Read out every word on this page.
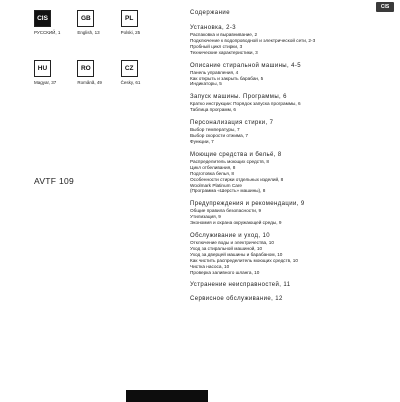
CIS
CIS
РУССКИЙ, 1
GB
English, 13
PL
Polski, 25
HU
Magyar, 37
RO
Română, 49
CZ
Česky, 61
AVTF 109
Содержание
Установка, 2-3
Распаковка и выравнивание, 2
Подключение к водопроводной и электрической сети, 2-3
Пробный цикл стирки, 3
Технические характеристики, 3
Описание стиральной машины, 4-5
Панель управления, 4
Как открыть и закрыть барабан, 5
Индикаторы, 5
Запуск машины. Программы, 6
Кратко инструкции: Порядок запуска программы, 6
Таблица программ, 6
Персонализация стирки, 7
Выбор температуры, 7
Выбор скорости отжима, 7
Функции, 7
Моющие средства и бельё, 8
Распределитель моющих средств, 8
Цикл отбеливания, 8
Подготовка белья, 8
Особенности стирки отдельных изделий, 8
Woolmark Platinum Care
(Программа «Шерсть» машины), 8
Предупреждения и рекомендации, 9
Общие правила безопасности, 9
Утилизация, 9
Экономия и охрана окружающей среды, 9
Обслуживание и уход, 10
Отключение воды и электричества, 10
Уход за стиральной машиной, 10
Уход за дверцей машины и барабаном, 10
Как чистить распределитель моющих средств, 10
Чистка насоса, 10
Проверка заливного шланга, 10
Устранение неисправностей, 11
Сервисное обслуживание, 12
